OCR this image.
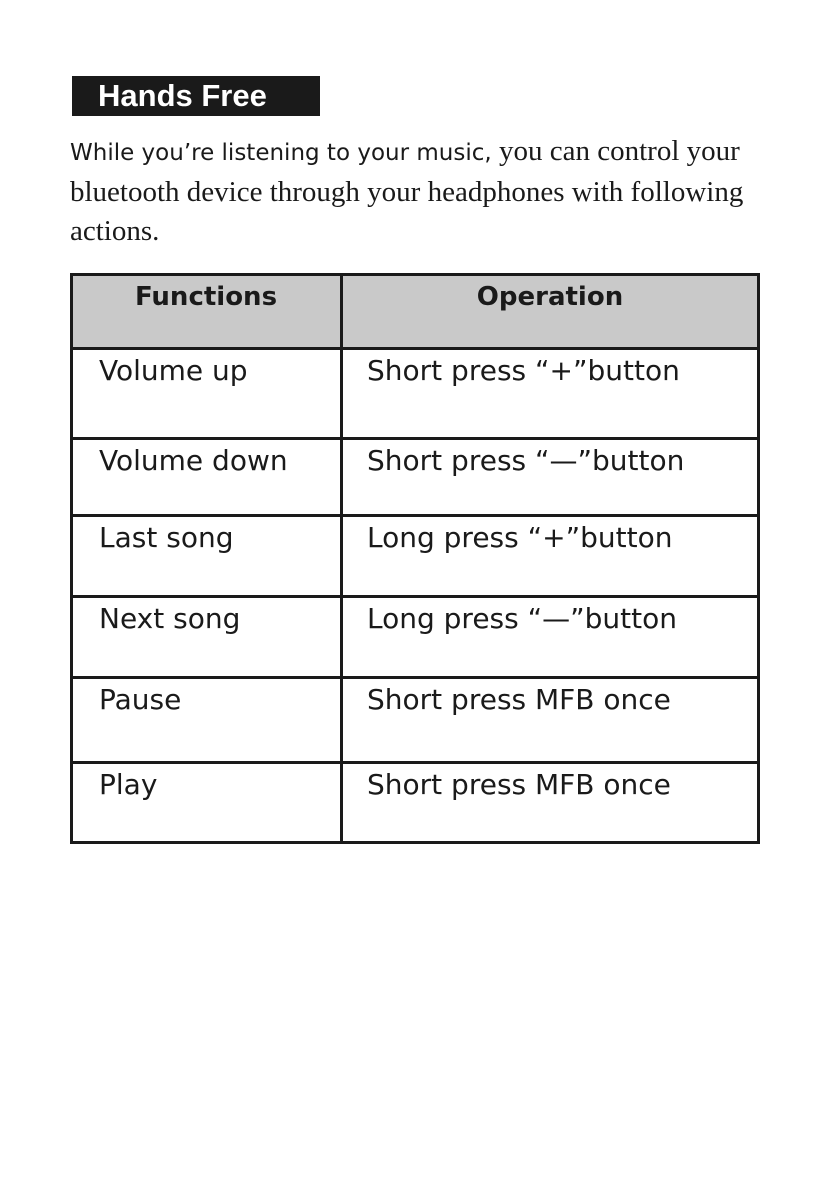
Hands Free

While you’re listening to your music, you can control your bluetooth device through your headphones with following actions.

Functions	Operation
Volume up	Short press “+”button
Volume down	Short press “—”button
Last song	Long press “+”button
Next song	Long press “—”button
Pause	Short press MFB once
Play	Short press MFB once
